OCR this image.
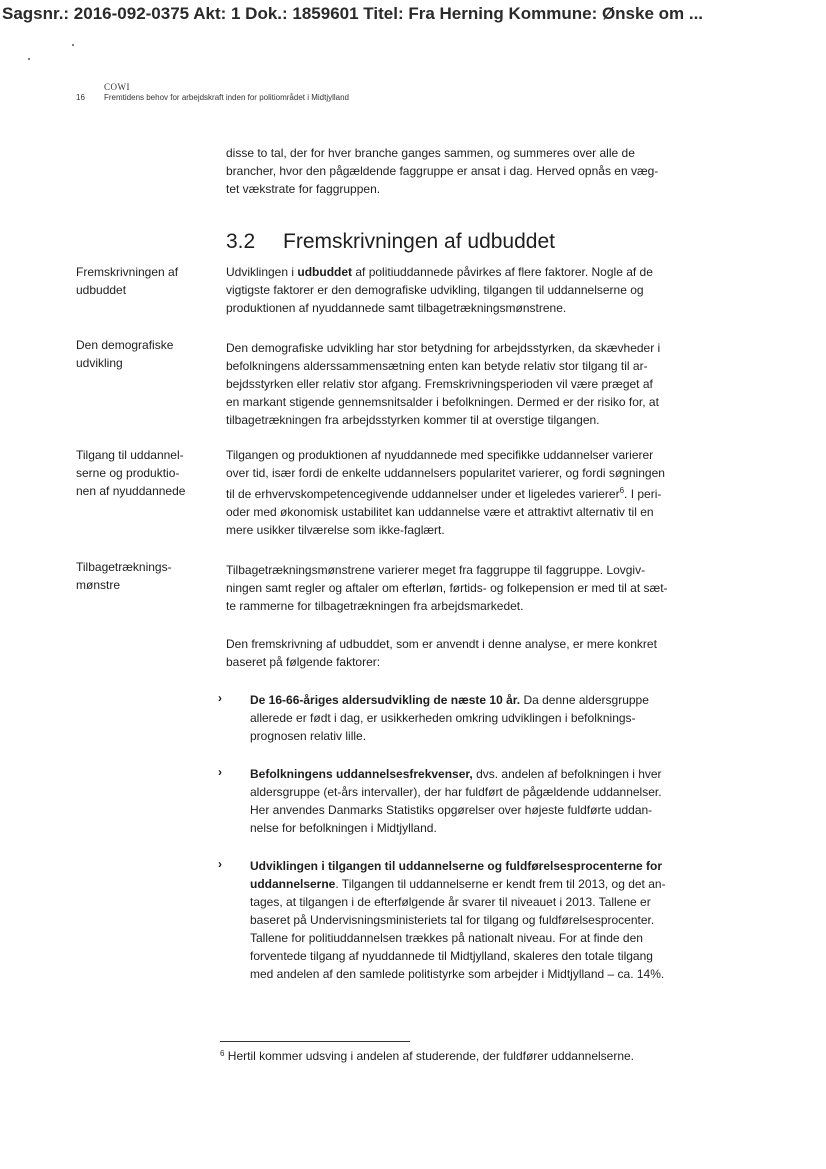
Sagsnr.: 2016-092-0375 Akt: 1 Dok.: 1859601 Titel: Fra Herning Kommune: Ønske om ...
COWI
16 Fremtidens behov for arbejdskraft inden for politiområdet i Midtjylland
disse to tal, der for hver branche ganges sammen, og summeres over alle de
brancher, hvor den pågældende faggruppe er ansat i dag. Herved opnås en væg-
tet vækstrate for faggruppen.
3.2 Fremskrivningen af udbuddet
Fremskrivningen af
udbuddet
Udviklingen i udbuddet af politiuddannede påvirkes af flere faktorer. Nogle af de
vigtigste faktorer er den demografiske udvikling, tilgangen til uddannelserne og
produktionen af nyuddannede samt tilbagetrækningsmønstrene.
Den demografiske
udvikling
Den demografiske udvikling har stor betydning for arbejdsstyrken, da skævheder i
befolkningens alderssammensætning enten kan betyde relativ stor tilgang til ar-
bejdsstyrken eller relativ stor afgang. Fremskrivningsperioden vil være præget af
en markant stigende gennemsnitsalder i befolkningen. Dermed er der risiko for, at
tilbagetrækningen fra arbejdsstyrken kommer til at overstige tilgangen.
Tilgang til uddannel-
serne og produktio-
nen af nyuddannede
Tilgangen og produktionen af nyuddannede med specifikke uddannelser varierer
over tid, især fordi de enkelte uddannelsers popularitet varierer, og fordi søgningen
til de erhvervskompetencegivende uddannelser under et ligeledes varierer$^6$. I peri-
oder med økonomisk ustabilitet kan uddannelse være et attraktivt alternativ til en
mere usikker tilværelse som ikke-faglært.
Tilbagetræknings-
mønstre
Tilbagetrækningsmønstrene varierer meget fra faggruppe til faggruppe. Lovgiv-
ningen samt regler og aftaler om efterløn, førtids- og folkepension er med til at sæt-
te rammerne for tilbagetrækningen fra arbejdsmarkedet.
Den fremskrivning af udbuddet, som er anvendt i denne analyse, er mere konkret
baseret på følgende faktorer:
› De 16-66-åriges aldersudvikling de næste 10 år. Da denne aldersgruppe
allerede er født i dag, er usikkerheden omkring udviklingen i befolknings-
prognosen relativ lille.
› Befolkningens uddannelsesfrekvenser, dvs. andelen af befolkningen i hver
aldersgruppe (et-års intervaller), der har fuldført de pågældende uddannelser.
Her anvendes Danmarks Statistiks opgørelser over højeste fuldførte uddan-
nelse for befolkningen i Midtjylland.
› Udviklingen i tilgangen til uddannelserne og fuldførelsesprocenterne for
uddannelserne. Tilgangen til uddannelserne er kendt frem til 2013, og det an-
tages, at tilgangen i de efterfølgende år svarer til niveauet i 2013. Tallene er
baseret på Undervisningsministeriets tal for tilgang og fuldførelsesprocenter.
Tallene for politiuddannelsen trækkes på nationalt niveau. For at finde den
forventede tilgang af nyuddannede til Midtjylland, skaleres den totale tilgang
med andelen af den samlede politistyrke som arbejder i Midtjylland – ca. 14%.
$^6$ Hertil kommer udsving i andelen af studerende, der fuldfører uddannelserne.
